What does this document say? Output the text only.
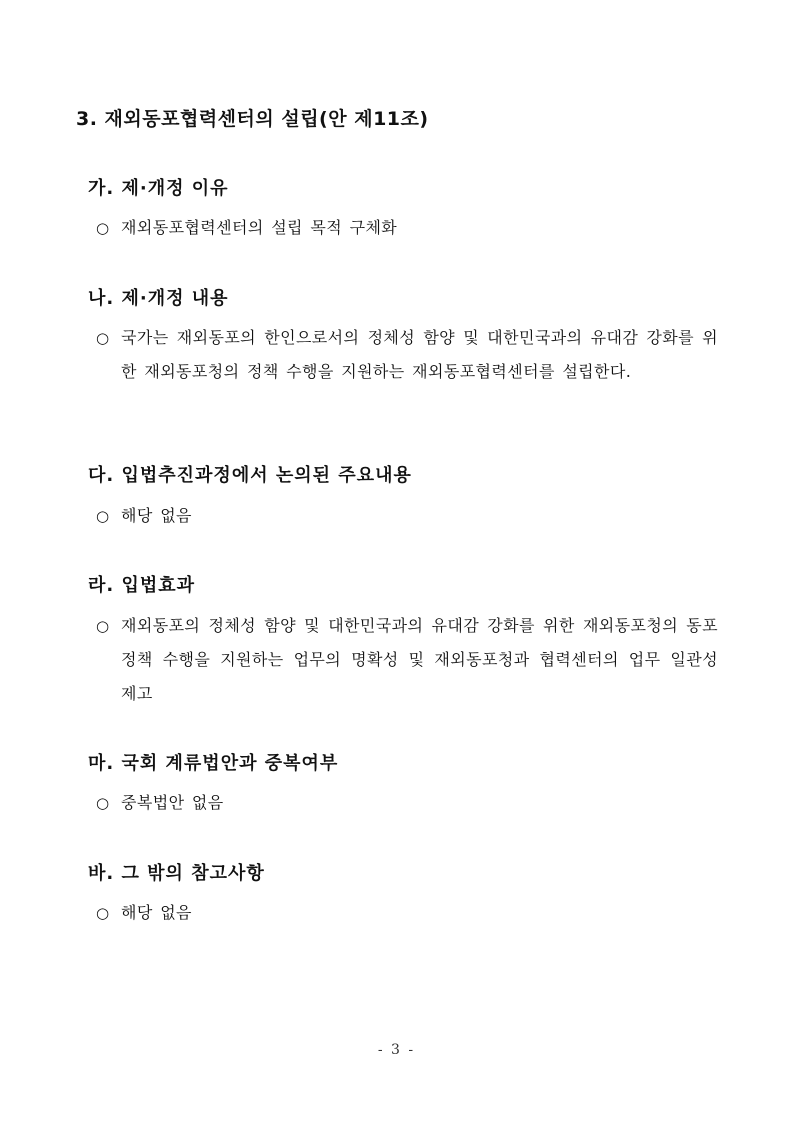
3. 재외동포협력센터의 설립(안 제11조)
가. 제·개정 이유
○ 재외동포협력센터의 설립 목적 구체화
나. 제·개정 내용
○ 국가는 재외동포의 한인으로서의 정체성 함양 및 대한민국과의 유대감 강화를 위한 재외동포청의 정책 수행을 지원하는 재외동포협력센터를 설립한다.
다. 입법추진과정에서 논의된 주요내용
○ 해당 없음
라. 입법효과
○ 재외동포의 정체성 함양 및 대한민국과의 유대감 강화를 위한 재외동포청의 동포 정책 수행을 지원하는 업무의 명확성 및 재외동포청과 협력센터의 업무 일관성 제고
마. 국회 계류법안과 중복여부
○ 중복법안 없음
바. 그 밖의 참고사항
○ 해당 없음
- 3 -
